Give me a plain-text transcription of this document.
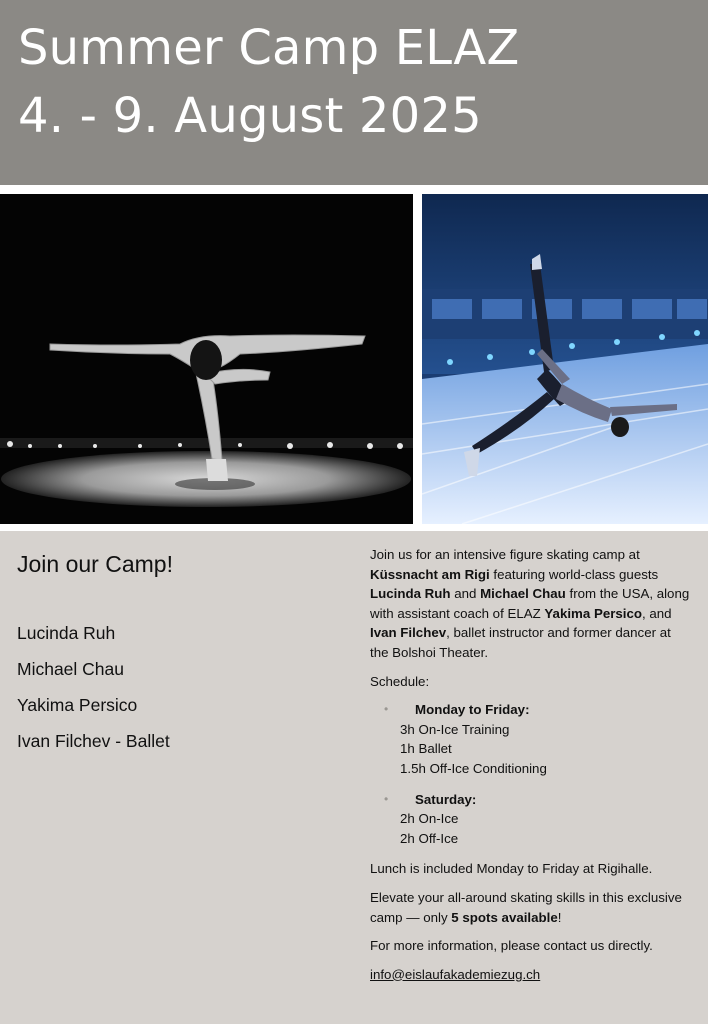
Summer Camp ELAZ
4. - 9. August 2025
Join our Camp!
Lucinda Ruh
Michael Chau
Yakima Persico
Ivan Filchev - Ballet

Join us for an intensive figure skating camp at Küssnacht am Rigi featuring world-class guests Lucinda Ruh and Michael Chau from the USA, along with assistant coach of ELAZ Yakima Persico, and Ivan Filchev, ballet instructor and former dancer at the Bolshoi Theater.

Schedule:

• Monday to Friday:
3h On-Ice Training
1h Ballet
1.5h Off-Ice Conditioning
• Saturday:
2h On-Ice
2h Off-Ice

Lunch is included Monday to Friday at Rigihalle.

Elevate your all-around skating skills in this exclusive camp — only 5 spots available!

For more information, please contact us directly.

info@eislaufakademiezug.ch
